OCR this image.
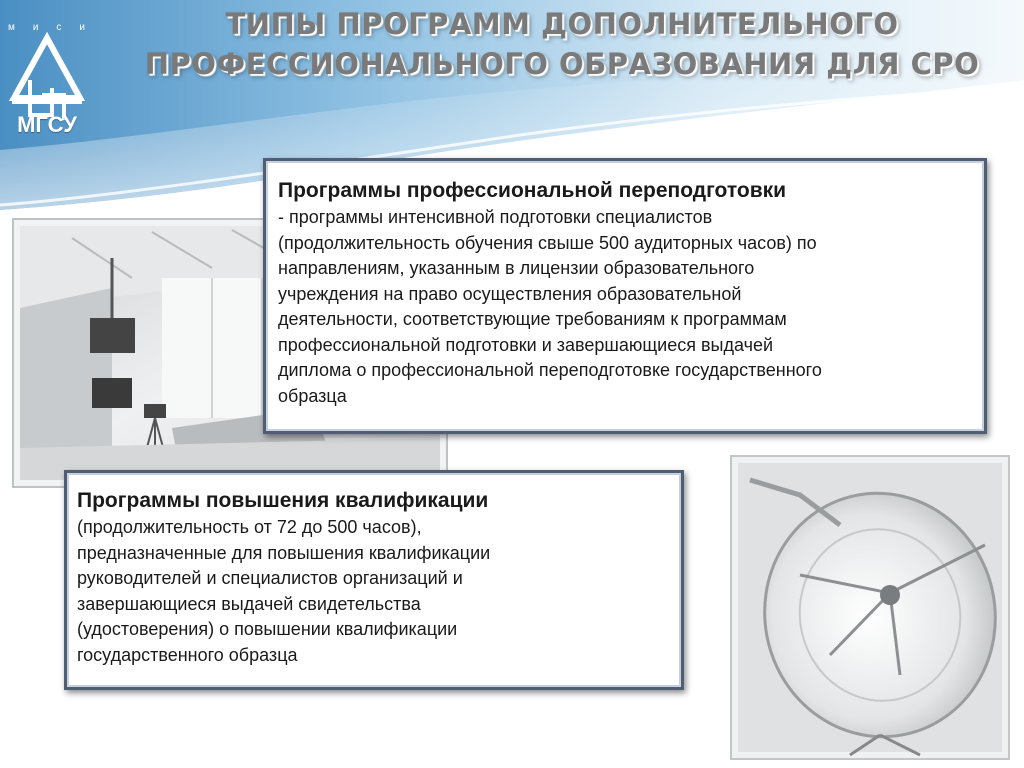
м и с и
МГСУ
ТИПЫ ПРОГРАММ ДОПОЛНИТЕЛЬНОГО
ПРОФЕССИОНАЛЬНОГО ОБРАЗОВАНИЯ ДЛЯ СРО
Программы профессиональной переподготовки
- программы интенсивной подготовки специалистов
(продолжительность обучения свыше 500 аудиторных часов) по
направлениям, указанным в лицензии образовательного
учреждения на право осуществления образовательной
деятельности, соответствующие требованиям к программам
профессиональной подготовки и завершающиеся выдачей
диплома о профессиональной переподготовке государственного
образца
Программы повышения квалификации
(продолжительность от 72 до 500 часов),
предназначенные для повышения квалификации
руководителей и специалистов организаций и
завершающиеся выдачей свидетельства
(удостоверения) о повышении квалификации
государственного образца
